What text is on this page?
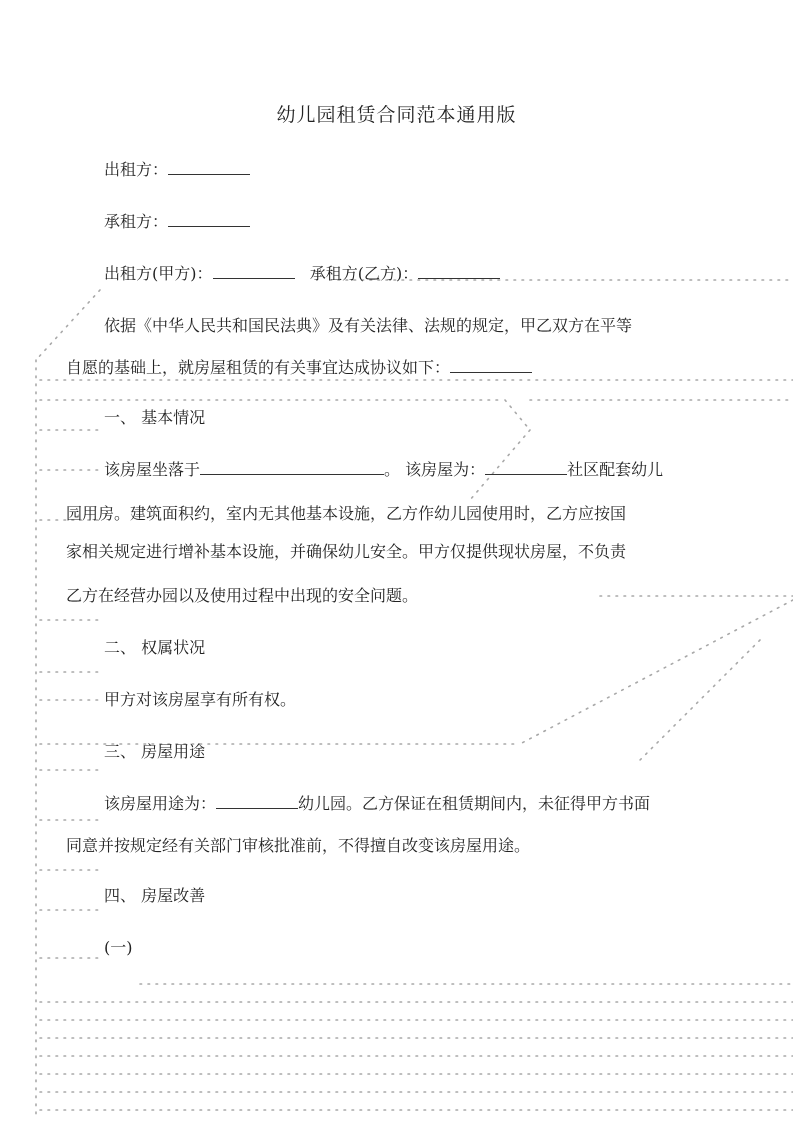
幼儿园租赁合同范本通用版

出租方：

承租方：

出租方(甲方)：	承租方(乙方)：

依据《中华人民共和国民法典》及有关法律、法规的规定，甲乙双方在平等

自愿的基础上，就房屋租赁的有关事宜达成协议如下：

一、 基本情况

该房屋坐落于	。 该房屋为：	社区配套幼儿

园用房。建筑面积约，室内无其他基本设施，乙方作幼儿园使用时，乙方应按国

家相关规定进行增补基本设施，并确保幼儿安全。甲方仅提供现状房屋，不负责

乙方在经营办园以及使用过程中出现的安全问题。

二、 权属状况

甲方对该房屋享有所有权。

三、 房屋用途

该房屋用途为：	幼儿园。乙方保证在租赁期间内，未征得甲方书面

同意并按规定经有关部门审核批准前，不得擅自改变该房屋用途。

四、 房屋改善

(一)
